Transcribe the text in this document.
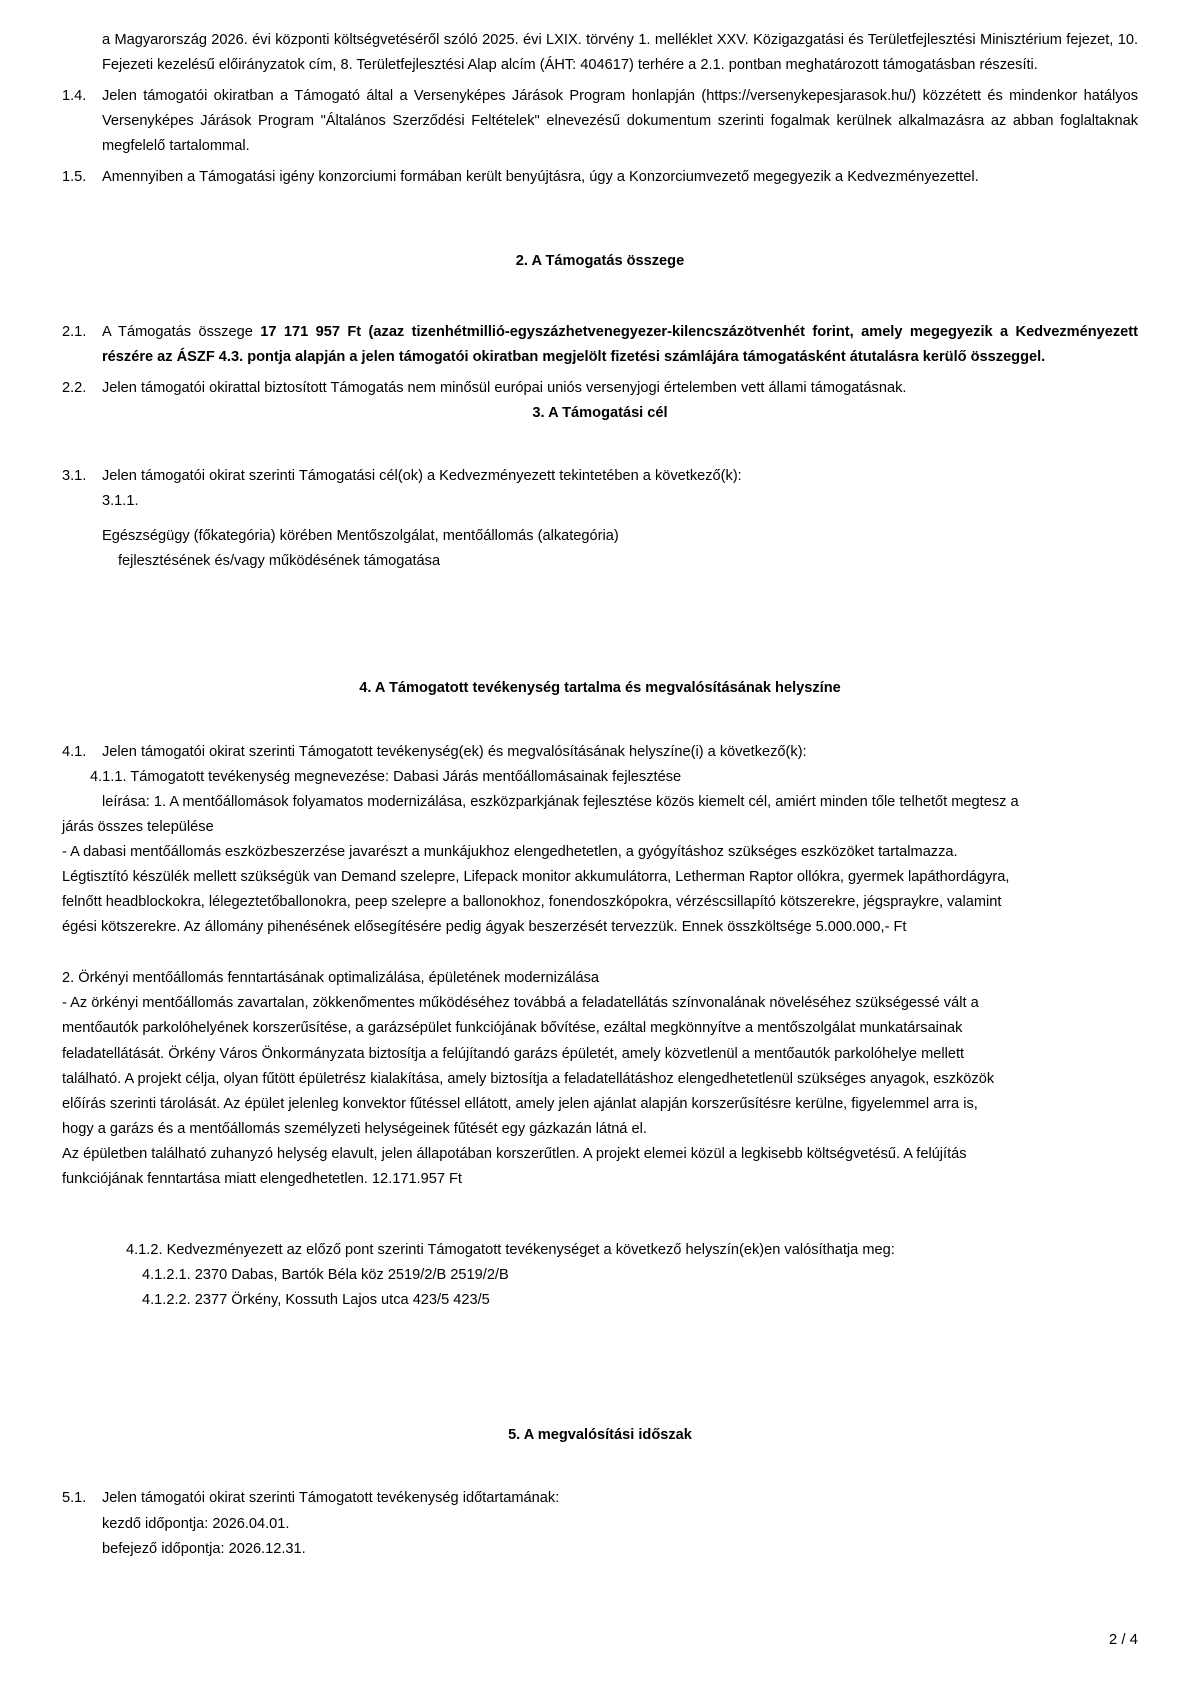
a Magyarország 2026. évi központi költségvetéséről szóló 2025. évi LXIX. törvény 1. melléklet XXV. Közigazgatási és Területfejlesztési Minisztérium fejezet, 10. Fejezeti kezelésű előirányzatok cím, 8. Területfejlesztési Alap alcím (ÁHT: 404617) terhére a 2.1. pontban meghatározott támogatásban részesíti.
1.4.	Jelen támogatói okiratban a Támogató által a Versenyképes Járások Program honlapján (https://versenykepesjarasok.hu/) közzétett és mindenkor hatályos Versenyképes Járások Program "Általános Szerződési Feltételek" elnevezésű dokumentum szerinti fogalmak kerülnek alkalmazásra az abban foglaltaknak megfelelő tartalommal.
1.5.	Amennyiben a Támogatási igény konzorciumi formában került benyújtásra, úgy a Konzorciumvezető megegyezik a Kedvezményezettel.
2. A Támogatás összege
2.1.	A Támogatás összege 17 171 957 Ft (azaz tizenhétmillió-egyszázhetvenegyezer-kilencszázötvenhét forint, amely megegyezik a Kedvezményezett részére az ÁSZF 4.3. pontja alapján a jelen támogatói okiratban megjelölt fizetési számlájára támogatásként átutalásra kerülő összeggel.
2.2.	Jelen támogatói okirattal biztosított Támogatás nem minősül európai uniós versenyjogi értelemben vett állami támogatásnak.
3. A Támogatási cél
3.1.	Jelen támogatói okirat szerinti Támogatási cél(ok) a Kedvezményezett tekintetében a következő(k):
3.1.1.
Egészségügy (főkategória) körében Mentőszolgálat, mentőállomás (alkategória)
fejlesztésének és/vagy működésének támogatása
4. A Támogatott tevékenység tartalma és megvalósításának helyszíne
4.1.	Jelen támogatói okirat szerinti Támogatott tevékenység(ek) és megvalósításának helyszíne(i) a következő(k):
4.1.1. Támogatott tevékenység megnevezése: Dabasi Járás mentőállomásainak fejlesztése
leírása: 1. A mentőállomások folyamatos modernizálása, eszközparkjának fejlesztése közös kiemelt cél, amiért minden tőle telhetőt megtesz a
járás összes települése
- A dabasi mentőállomás eszközbeszerzése javarészt a munkájukhoz elengedhetetlen, a gyógyításhoz szükséges eszközöket tartalmazza.
Légtisztító készülék mellett szükségük van Demand szelepre, Lifepack monitor akkumulátorra, Letherman Raptor ollókra, gyermek lapáthordágyra,
felnőtt headblockokra, lélegeztetőballonokra, peep szelepre a ballonokhoz, fonendoszkópokra, vérzéscsillapító kötszerekre, jégspraykre, valamint
égési kötszerekre. Az állomány pihenésének elősegítésére pedig ágyak beszerzését tervezzük. Ennek összköltsége 5.000.000,- Ft
2. Örkényi mentőállomás fenntartásának optimalizálása, épületének modernizálása
- Az örkényi mentőállomás zavartalan, zökkenőmentes működéséhez továbbá a feladatellátás színvonalának növeléséhez szükségessé vált a
mentőautók parkolóhelyének korszerűsítése, a garázsépület funkciójának bővítése, ezáltal megkönnyítve a mentőszolgálat munkatársainak
feladatellátását. Örkény Város Önkormányzata biztosítja a felújítandó garázs épületét, amely közvetlenül a mentőautók parkolóhelye mellett
található. A projekt célja, olyan fűtött épületrész kialakítása, amely biztosítja a feladatellátáshoz elengedhetetlenül szükséges anyagok, eszközök
előírás szerinti tárolását. Az épület jelenleg konvektor fűtéssel ellátott, amely jelen ajánlat alapján korszerűsítésre kerülne, figyelemmel arra is,
hogy a garázs és a mentőállomás személyzeti helységeinek fűtését egy gázkazán látná el.
Az épületben található zuhanyzó helység elavult, jelen állapotában korszerűtlen. A projekt elemei közül a legkisebb költségvetésű. A felújítás
funkciójának fenntartása miatt elengedhetetlen. 12.171.957 Ft
4.1.2. Kedvezményezett az előző pont szerinti Támogatott tevékenységet a következő helyszín(ek)en valósíthatja meg:
4.1.2.1. 2370 Dabas, Bartók Béla köz 2519/2/B 2519/2/B
4.1.2.2. 2377 Örkény, Kossuth Lajos utca 423/5 423/5
5. A megvalósítási időszak
5.1.	Jelen támogatói okirat szerinti Támogatott tevékenység időtartamának:
kezdő időpontja: 2026.04.01.
befejező időpontja: 2026.12.31.
2 / 4
